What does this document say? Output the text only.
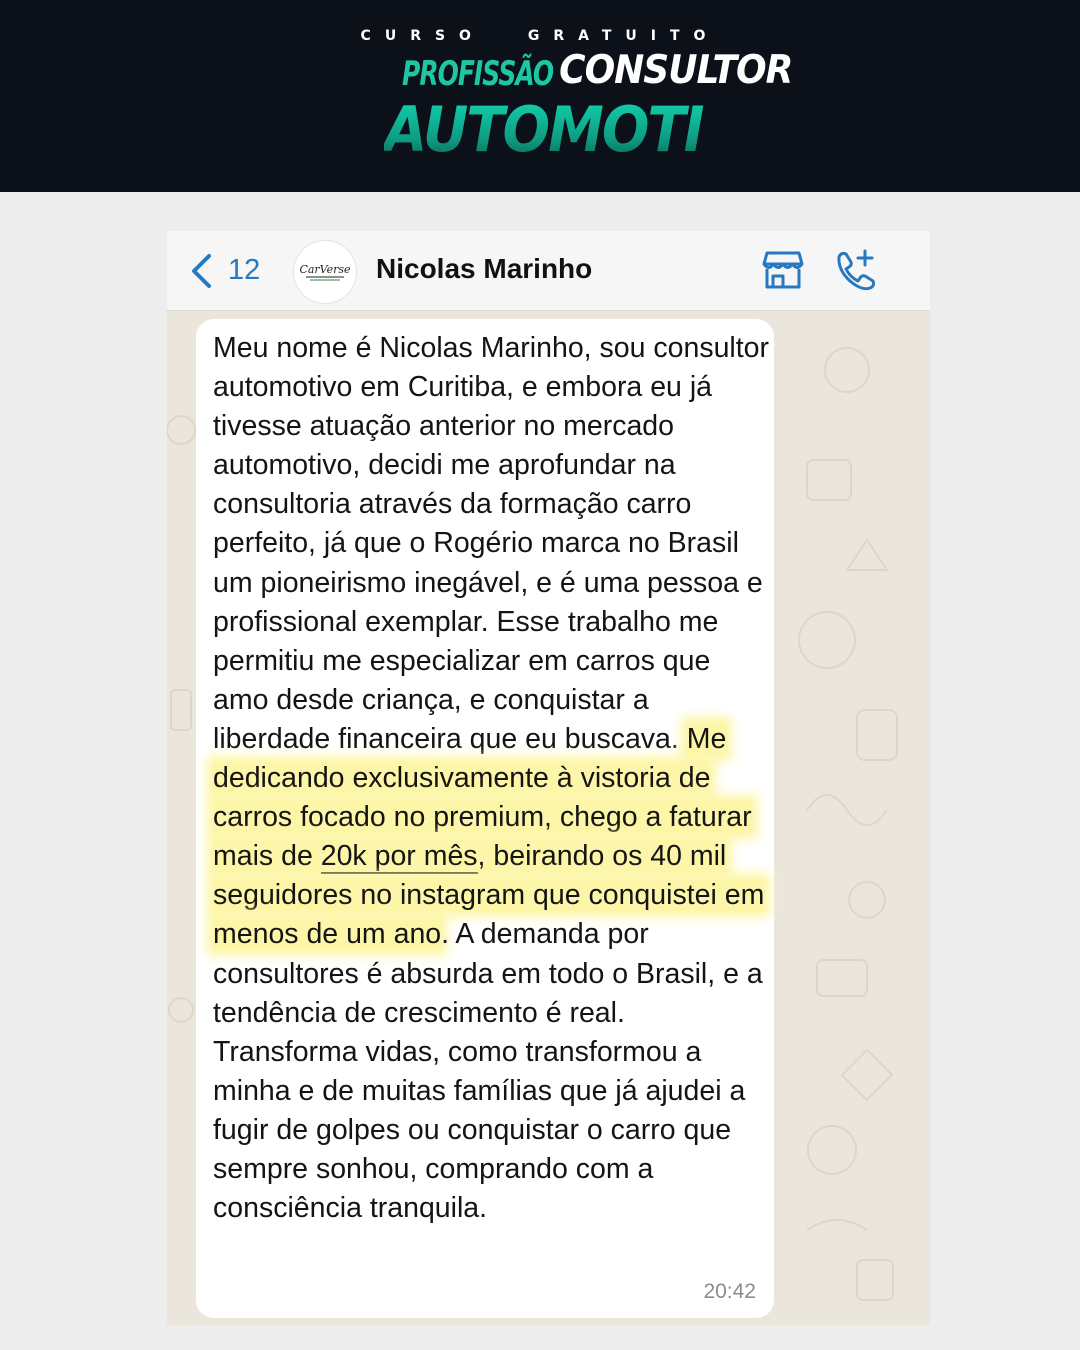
CURSO	GRATUITO
PROFISSÃO CONSULTOR
AUTOMOTIVO
12	CarVerse Nicolas Marinho
Meu nome é Nicolas Marinho, sou consultor automotivo em Curitiba, e embora eu já tivesse atuação anterior no mercado automotivo, decidi me aprofundar na consultoria através da formação carro perfeito, já que o Rogério marca no Brasil um pioneirismo inegável, e é uma pessoa e profissional exemplar. Esse trabalho me permitiu me especializar em carros que amo desde criança, e conquistar a liberdade financeira que eu buscava. Me dedicando exclusivamente à vistoria de carros focado no premium, chego a faturar mais de 20k por mês, beirando os 40 mil seguidores no instagram que conquistei em menos de um ano. A demanda por consultores é absurda em todo o Brasil, e a tendência de crescimento é real. Transforma vidas, como transformou a minha e de muitas famílias que já ajudei a fugir de golpes ou conquistar o carro que sempre sonhou, comprando com a consciência tranquila.
20:42
